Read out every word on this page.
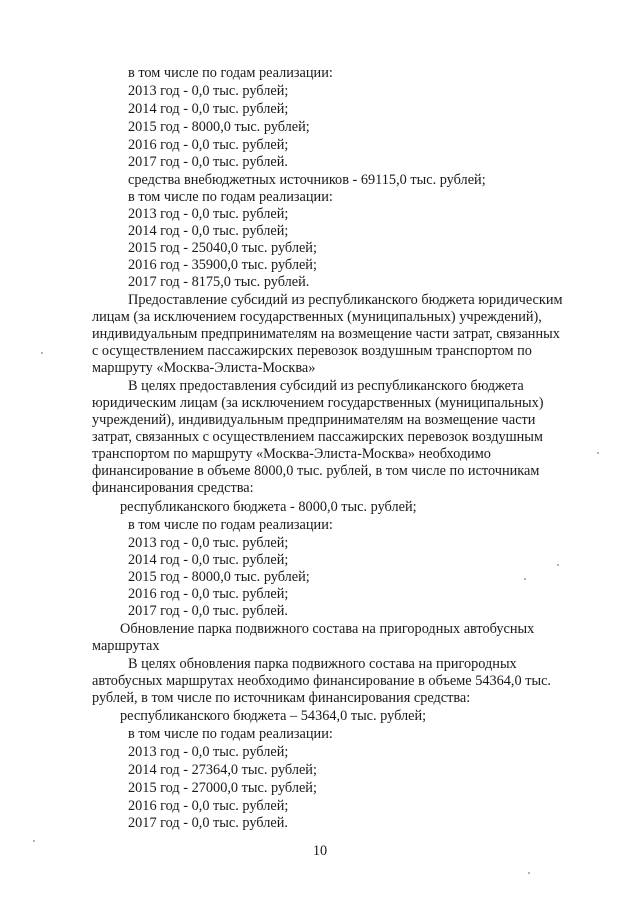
в том числе по годам реализации:
2013 год - 0,0 тыс. рублей;
2014 год - 0,0 тыс. рублей;
2015 год - 8000,0 тыс. рублей;
2016 год - 0,0 тыс. рублей;
2017 год - 0,0 тыс. рублей.
средства внебюджетных источников - 69115,0 тыс. рублей;
в том числе по годам реализации:
2013 год - 0,0 тыс. рублей;
2014 год - 0,0 тыс. рублей;
2015 год - 25040,0 тыс. рублей;
2016 год - 35900,0 тыс. рублей;
2017 год - 8175,0 тыс. рублей.
Предоставление субсидий из республиканского бюджета юридическим
лицам (за исключением государственных (муниципальных) учреждений),
индивидуальным предпринимателям на возмещение части затрат, связанных
с осуществлением пассажирских перевозок воздушным транспортом по
маршруту «Москва-Элиста-Москва»
В целях предоставления субсидий из республиканского бюджета
юридическим лицам (за исключением государственных (муниципальных)
учреждений), индивидуальным предпринимателям на возмещение части
затрат, связанных с осуществлением пассажирских перевозок воздушным
транспортом по маршруту «Москва-Элиста-Москва» необходимо
финансирование в объеме 8000,0 тыс. рублей, в том числе по источникам
финансирования средства:
республиканского бюджета - 8000,0 тыс. рублей;
в том числе по годам реализации:
2013 год - 0,0 тыс. рублей;
2014 год - 0,0 тыс. рублей;
2015 год - 8000,0 тыс. рублей;
2016 год - 0,0 тыс. рублей;
2017 год - 0,0 тыс. рублей.
Обновление парка подвижного состава на пригородных автобусных
маршрутах
В целях обновления парка подвижного состава на пригородных
автобусных маршрутах необходимо финансирование в объеме 54364,0 тыс.
рублей, в том числе по источникам финансирования средства:
республиканского бюджета – 54364,0 тыс. рублей;
в том числе по годам реализации:
2013 год - 0,0 тыс. рублей;
2014 год - 27364,0 тыс. рублей;
2015 год - 27000,0 тыс. рублей;
2016 год - 0,0 тыс. рублей;
2017 год - 0,0 тыс. рублей.
10
